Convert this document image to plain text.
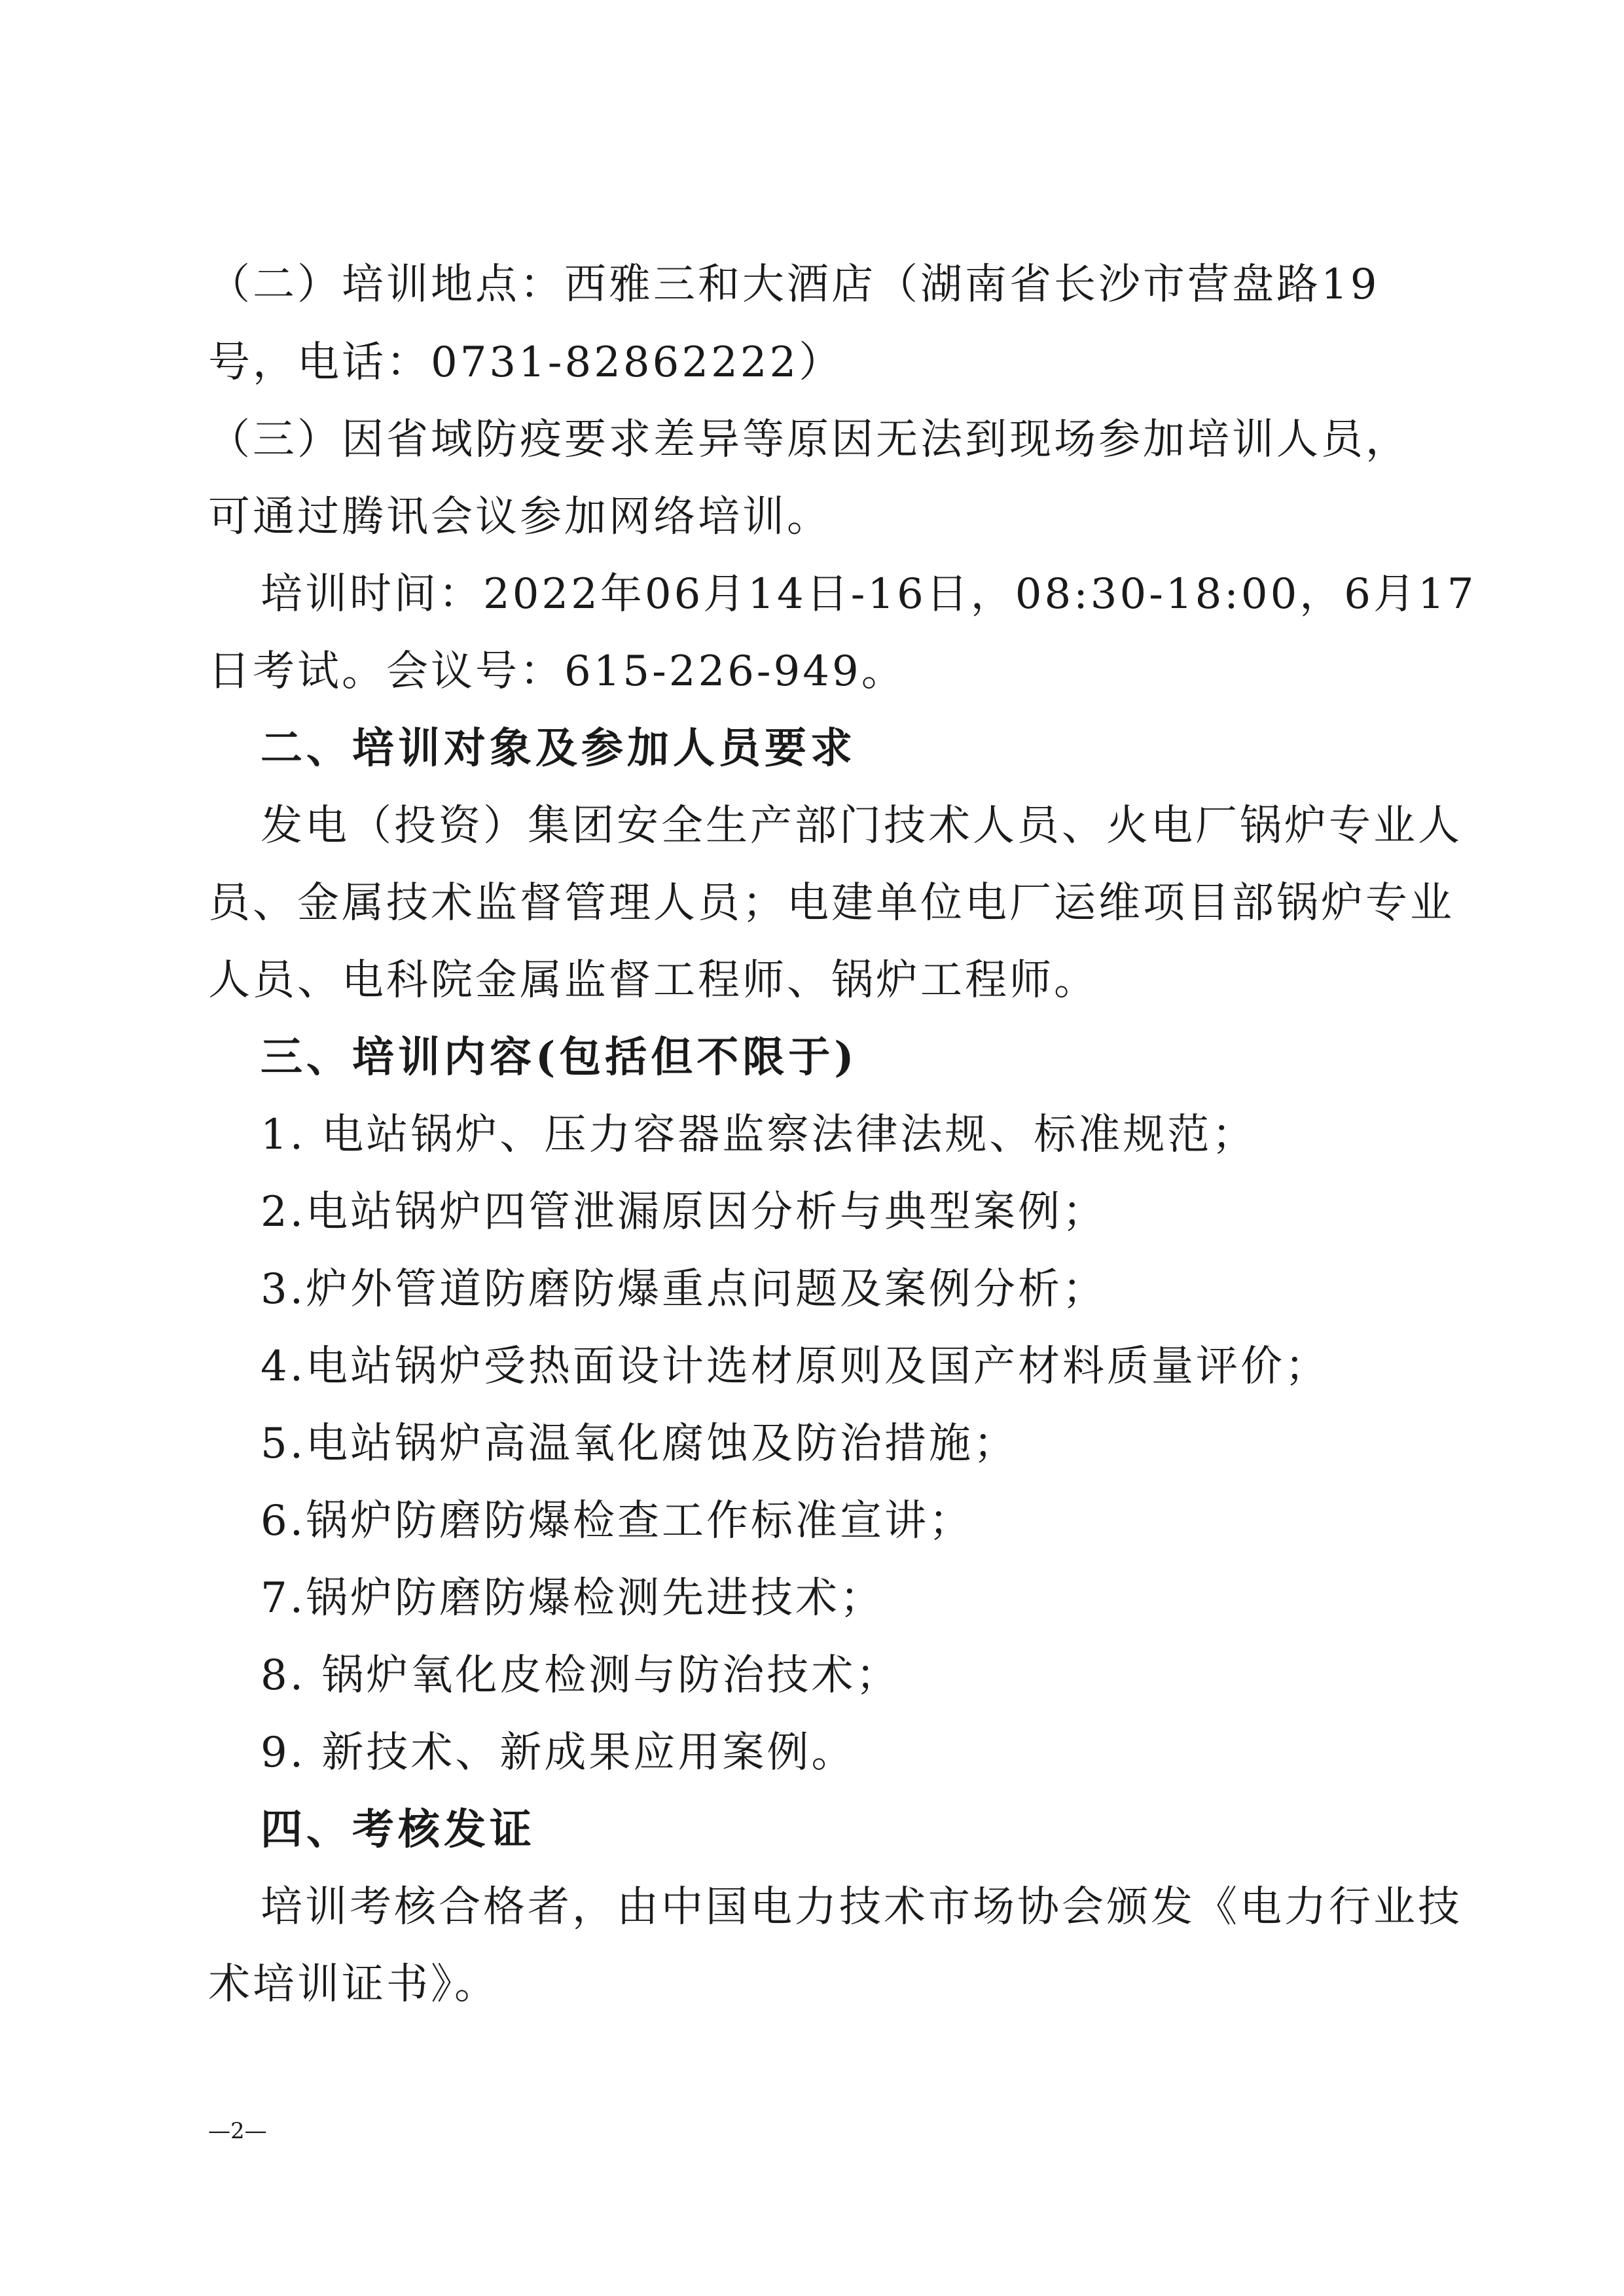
（二）培训地点：西雅三和大酒店（湖南省长沙市营盘路19
号，电话：0731-82862222）
（三）因省域防疫要求差异等原因无法到现场参加培训人员，
可通过腾讯会议参加网络培训。
培训时间：2022年06月14日-16日，08:30-18:00，6月17
日考试。会议号：615-226-949。
二、培训对象及参加人员要求
发电（投资）集团安全生产部门技术人员、火电厂锅炉专业人
员、金属技术监督管理人员；电建单位电厂运维项目部锅炉专业
人员、电科院金属监督工程师、锅炉工程师。
三、培训内容(包括但不限于)
1. 电站锅炉、压力容器监察法律法规、标准规范；
2.电站锅炉四管泄漏原因分析与典型案例；
3.炉外管道防磨防爆重点问题及案例分析；
4.电站锅炉受热面设计选材原则及国产材料质量评价；
5.电站锅炉高温氧化腐蚀及防治措施；
6.锅炉防磨防爆检查工作标准宣讲；
7.锅炉防磨防爆检测先进技术；
8. 锅炉氧化皮检测与防治技术；
9. 新技术、新成果应用案例。
四、考核发证
培训考核合格者，由中国电力技术市场协会颁发《电力行业技
术培训证书》。
—2—
